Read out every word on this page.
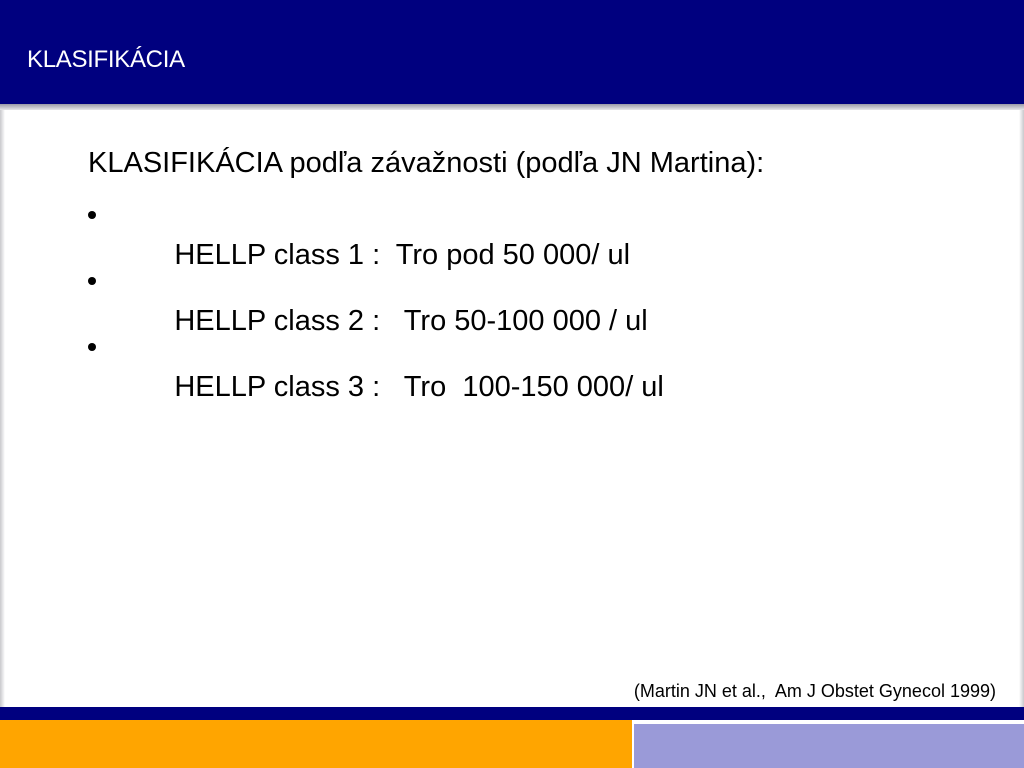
KLASIFIKÁCIA
KLASIFIKÁCIA podľa závažnosti (podľa JN Martina):

HELLP class 1 :  Tro pod 50 000/ ul

HELLP class 2 :   Tro 50-100 000 / ul

HELLP class 3 :   Tro  100-150 000/ ul

(Martin JN et al.,  Am J Obstet Gynecol 1999)
